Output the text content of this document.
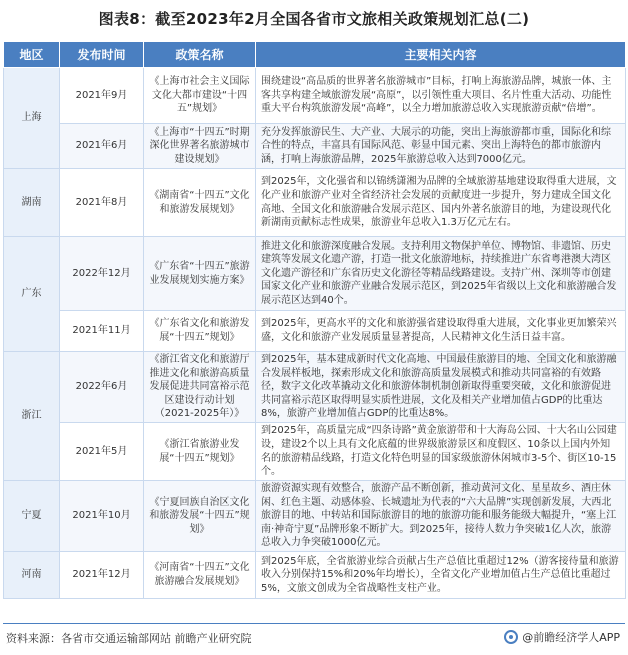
图表8：截至2023年2月全国各省市文旅相关政策规划汇总(二)
地区	发布时间	政策名称	主要相关内容
上海	2021年9月	《上海市社会主义国际文化大都市建设“十四五”规划》	围绕建设“高品质的世界著名旅游城市”目标，打响上海旅游品牌，城旅一体、主客共享构建全域旅游发展“高原”，以引领性重大项目、名片性重大活动、功能性重大平台构筑旅游发展“高峰”，以全力增加旅游总收入实现旅游贡献“倍增”。
	2021年6月	《上海市“十四五”时期深化世界著名旅游城市建设规划》	充分发挥旅游民生、大产业、大展示的功能，突出上海旅游都市重，国际化和综合性的特点，丰富具有国际风范、彰显中国元素、突出上海特色的都市旅游内涵，打响上海旅游品牌，2025年旅游总收入达到7000亿元。
湖南	2021年8月	《湖南省“十四五”文化和旅游发展规划》	到2025年，文化强省和以锦绣潇湘为品牌的全域旅游基地建设取得重大进展，文化产业和旅游产业对全省经济社会发展的贡献度进一步提升，努力建成全国文化高地、全国文化和旅游融合发展示范区、国内外著名旅游目的地，为建设现代化新湖南贡献标志性成果，旅游业年总收入1.3万亿元左右。
广东	2022年12月	《广东省“十四五”旅游业发展规划实施方案》	推进文化和旅游深度融合发展。支持利用文物保护单位、博物馆、非遗馆、历史建筑等发展文化遗产游，打造一批文化旅游地标，持续推进广东省粤港澳大湾区文化遗产游径和广东省历史文化游径等精品线路建设。支持广州、深圳等市创建国家文化产业和旅游产业融合发展示范区，到2025年省级以上文化和旅游融合发展示范区达到40个。
	2021年11月	《广东省文化和旅游发展“十四五”规划》	到2025年，更高水平的文化和旅游强省建设取得重大进展，文化事业更加繁荣兴盛，文化和旅游产业发展质量显著提高，人民精神文化生活日益丰富。
浙江	2022年6月	《浙江省文化和旅游厅推进文化和旅游高质量发展促进共同富裕示范区建设行动计划（2021-2025年）》	到2025年，基本建成新时代文化高地、中国最佳旅游目的地、全国文化和旅游融合发展样板地，探索形成文化和旅游高质量发展模式和推动共同富裕的有效路径，数字文化改革撬动文化和旅游体制机制创新取得重要突破，文化和旅游促进共同富裕示范区取得明显实质性进展，文化及相关产业增加值占GDP的比重达8%，旅游产业增加值占GDP的比重达8%。
	2021年5月	《浙江省旅游业发展“十四五”规划》	到2025年，高质量完成“四条诗路”黄金旅游带和十大海岛公园、十大名山公园建设，建设2个以上具有文化底蕴的世界级旅游景区和度假区、10条以上国内外知名的旅游精品线路，打造文化特色明显的国家级旅游休闲城市3-5个、街区10-15个。
宁夏	2021年10月	《宁夏回族自治区文化和旅游发展“十四五”规划》	旅游资源实现有效整合，旅游产品不断创新，推动黄河文化、星星故乡、酒庄休闲、红色主题、动感体验、长城遗址为代表的“六大品牌”实现创新发展，大西北旅游目的地、中转站和国际旅游目的地的旅游功能和服务能级大幅提升，“塞上江南·神奇宁夏”品牌形象不断扩大。到2025年，接待人数力争突破1亿人次，旅游总收入力争突破1000亿元。
河南	2021年12月	《河南省“十四五”文化旅游融合发展规划》	到2025年底，全省旅游业综合贡献占生产总值比重超过12%（游客接待量和旅游收入分别保持15%和20%年均增长），全省文化产业增加值占生产总值比重超过5%，文旅文创成为全省战略性支柱产业。
资料来源：各省市交通运输部网站 前瞻产业研究院	@前瞻经济学人APP
